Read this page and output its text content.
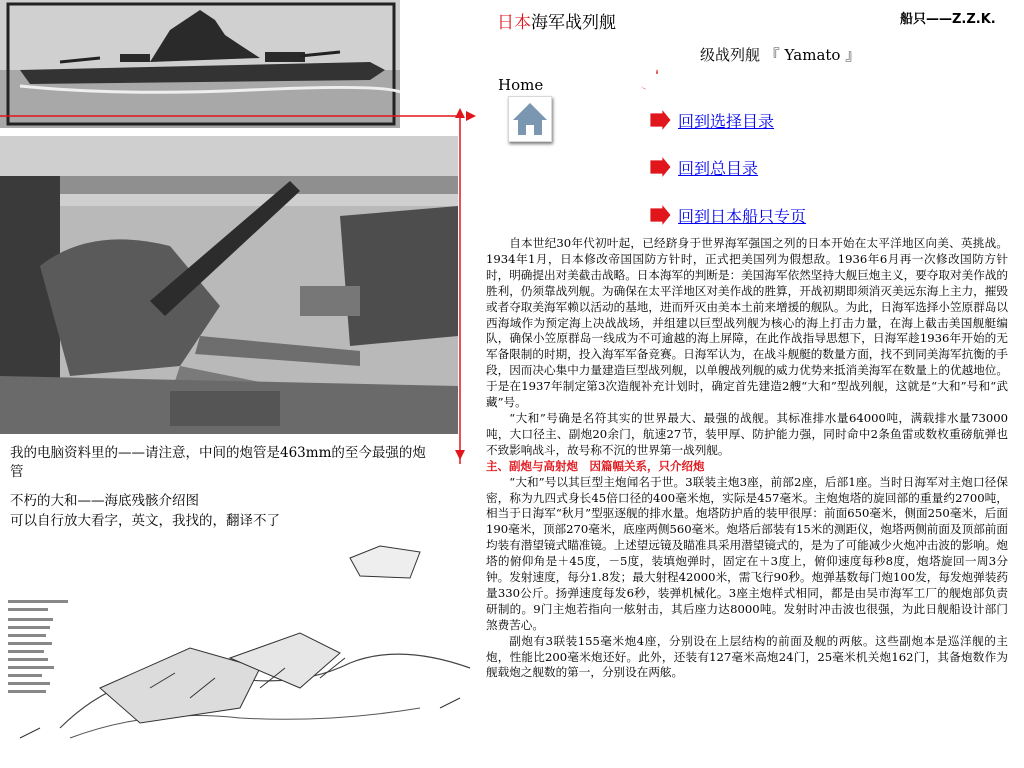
日本海军战列舰	船只——Z.Z.K.
大和 级战列舰 『 Yamato 』
Home
回到选择目录
回到总目录
回到日本船只专页
我的电脑资料里的——请注意，中间的炮管是463mm的至今最强的炮管
不朽的大和——海底残骸介绍图
可以自行放大看字，英文，我找的，翻译不了

自本世纪30年代初叶起，已经跻身于世界海军强国之列的日本开始在太平洋地区向美、英挑战。1934年1月，日本修改帝国国防方针时，正式把美国列为假想敌。1936年6月再一次修改国防方针时，明确提出对美截击战略。日本海军的判断是：美国海军依然坚持大舰巨炮主义，要夺取对美作战的胜利，仍须靠战列舰。为确保在太平洋地区对美作战的胜算，开战初期即须消灭美远东海上主力，摧毁或者夺取美海军赖以活动的基地，进而歼灭由美本土前来增援的舰队。为此，日海军选择小笠原群岛以西海域作为预定海上决战战场，并组建以巨型战列舰为核心的海上打击力量，在海上截击美国舰艇编队，确保小笠原群岛一线成为不可逾越的海上屏障，在此作战指导思想下，日海军趁1936年开始的无军备限制的时期，投入海军军备竞赛。日海军认为，在战斗舰艇的数量方面，找不到同美海军抗衡的手段，因而决心集中力量建造巨型战列舰，以单艘战列舰的威力优势来抵消美海军在数量上的优越地位。于是在1937年制定第3次造舰补充计划时，确定首先建造2艘“大和”型战列舰，这就是“大和”号和“武藏”号。

“大和”号确是名符其实的世界最大、最强的战舰。其标准排水量64000吨，满载排水量73000吨，大口径主、副炮20余门，航速27节，装甲厚、防护能力强，同时命中2条鱼雷或数枚重磅航弹也不致影响战斗，故号称不沉的世界第一战列舰。

主、副炮与高射炮　因篇幅关系，只介绍炮

“大和”号以其巨型主炮闻名于世。3联装主炮3座，前部2座，后部1座。当时日海军对主炮口径保密，称为九四式身长45倍口径的400毫米炮，实际是457毫米。主炮炮塔的旋回部的重量约2700吨，相当于日海军“秋月”型驱逐舰的排水量。炮塔防护盾的装甲很厚：前面650毫米，侧面250毫米，后面190毫米，顶部270毫米，底座两侧560毫米。炮塔后部装有15米的测距仪，炮塔两侧前面及顶部前面均装有潜望镜式瞄准镜。上述望远镜及瞄准具采用潜望镜式的，是为了可能减少火炮冲击波的影响。炮塔的俯仰角是＋45度，－5度，装填炮弹时，固定在＋3度上，俯仰速度每秒8度，炮塔旋回一周3分钟。发射速度，每分1.8发；最大射程42000米，需飞行90秒。炮弹基数每门炮100发，每发炮弹装药量330公斤。扬弹速度每发6秒，装弹机械化。3座主炮样式相同，都是由吴市海军工厂的舰炮部负责研制的。9门主炮若指向一舷射击，其后座力达8000吨。发射时冲击波也很强，为此日舰船设计部门煞费苦心。

副炮有3联装155毫米炮4座，分别设在上层结构的前面及舰的两舷。这些副炮本是巡洋舰的主炮，性能比200毫米炮还好。此外，还装有127毫米高炮24门，25毫米机关炮162门，其备炮数作为舰载炮之舰数的第一，分别设在两舷。
